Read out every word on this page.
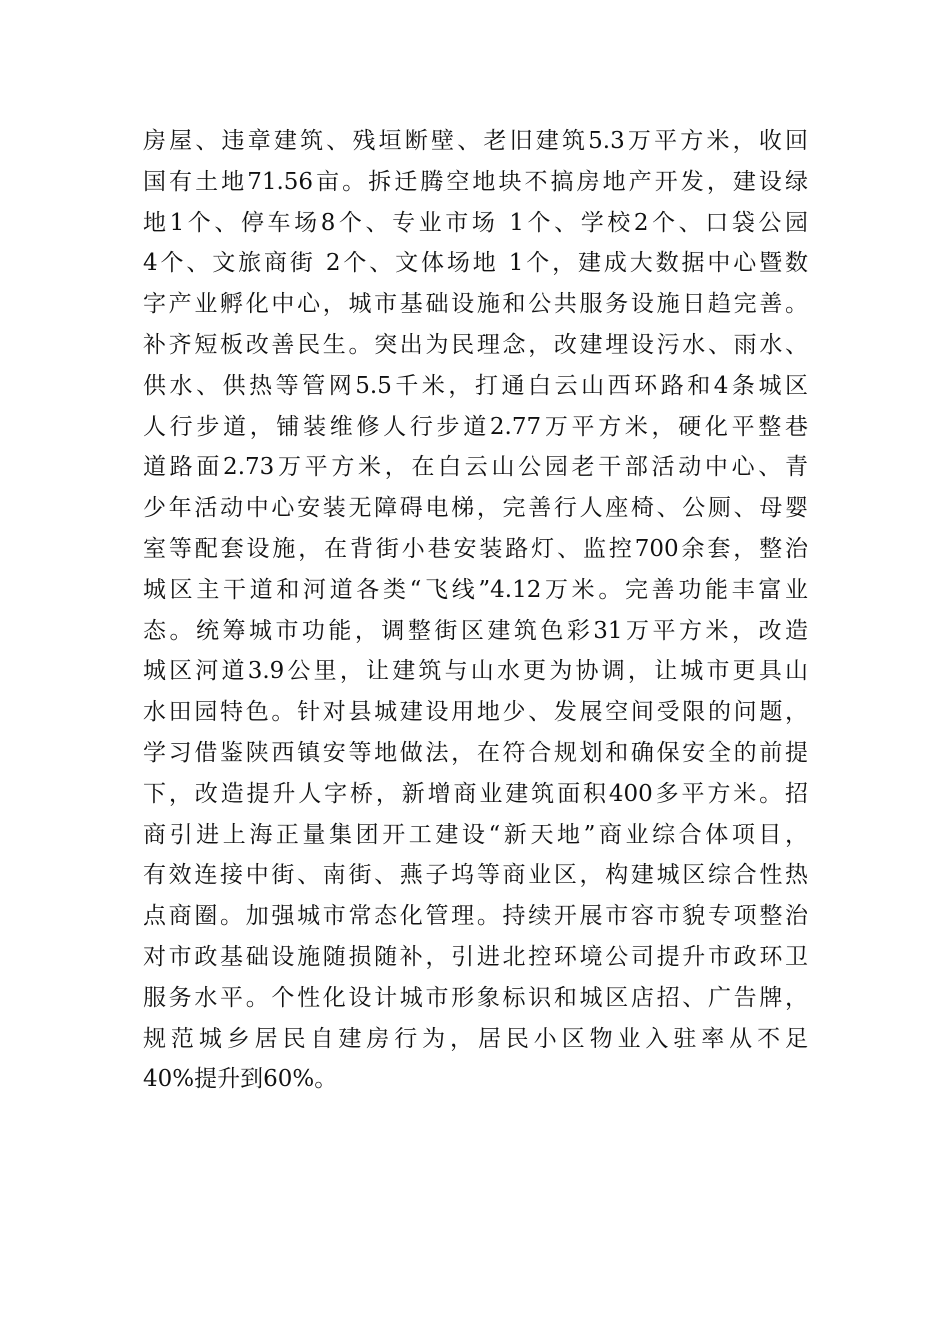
房屋、违章建筑、残垣断壁、老旧建筑5.3万平方米，收回
国有土地71.56亩。拆迁腾空地块不搞房地产开发，建设绿
地1个、停车场8个、专业市场 1个、学校2个、口袋公园
4个、文旅商街 2个、文体场地 1个，建成大数据中心暨数
字产业孵化中心，城市基础设施和公共服务设施日趋完善。
补齐短板改善民生。突出为民理念，改建埋设污水、雨水、
供水、供热等管网5.5千米，打通白云山西环路和4条城区
人行步道，铺装维修人行步道2.77万平方米，硬化平整巷
道路面2.73万平方米，在白云山公园老干部活动中心、青
少年活动中心安装无障碍电梯，完善行人座椅、公厕、母婴
室等配套设施，在背街小巷安装路灯、监控700余套，整治
城区主干道和河道各类“飞线”4.12万米。完善功能丰富业
态。统筹城市功能，调整街区建筑色彩31万平方米，改造
城区河道3.9公里，让建筑与山水更为协调，让城市更具山
水田园特色。针对县城建设用地少、发展空间受限的问题，
学习借鉴陕西镇安等地做法，在符合规划和确保安全的前提
下，改造提升人字桥，新增商业建筑面积400多平方米。招
商引进上海正量集团开工建设“新天地”商业综合体项目，
有效连接中街、南街、燕子坞等商业区，构建城区综合性热
点商圈。加强城市常态化管理。持续开展市容市貌专项整治
对市政基础设施随损随补，引进北控环境公司提升市政环卫
服务水平。个性化设计城市形象标识和城区店招、广告牌，
规范城乡居民自建房行为，居民小区物业入驻率从不足
40%提升到60%。
